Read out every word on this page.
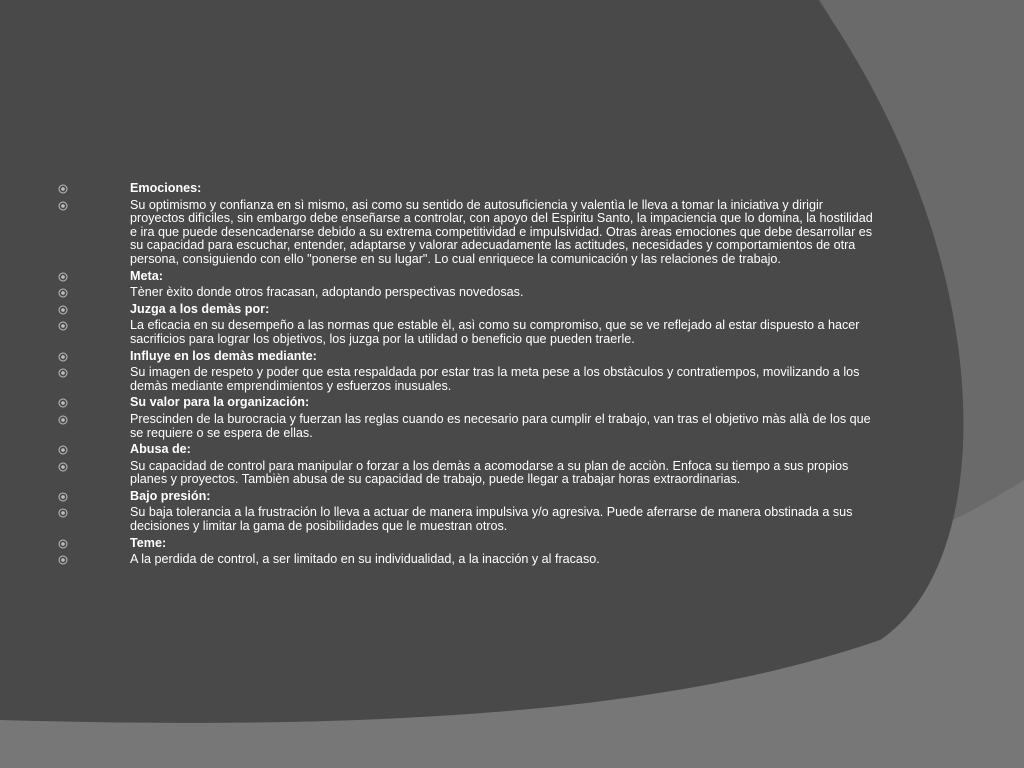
Emociones:
Su optimismo y confianza en sì mismo, asi como su sentido de autosuficiencia y valentìa le lleva a tomar la iniciativa y dirigir proyectos difìciles, sin embargo debe enseñarse a controlar, con apoyo del Espiritu Santo, la impaciencia que lo domina, la hostilidad e ira que puede desencadenarse debido a su extrema competitividad e impulsividad. Otras àreas emociones que debe desarrollar es su capacidad para escuchar, entender, adaptarse y valorar adecuadamente las actitudes, necesidades y comportamientos de otra persona, consiguiendo con ello "ponerse en su lugar". Lo cual enriquece la comunicación y las relaciones de trabajo.
Meta:
Tèner èxito donde otros fracasan, adoptando perspectivas novedosas.
Juzga a los demàs por:
La eficacia en su desempeño a las normas que estable èl, asì como su compromiso, que se ve reflejado al estar dispuesto a hacer sacrificios para lograr los objetivos, los juzga por la utilidad o beneficio que pueden traerle.
Influye en los demàs mediante:
Su imagen de respeto y poder que esta respaldada por estar tras la meta pese a los obstàculos y contratiempos, movilizando a los demàs mediante emprendimientos y esfuerzos inusuales.
Su valor para la organización:
Prescinden de la burocracia y fuerzan las reglas cuando es necesario para cumplir el trabajo, van tras el objetivo màs allà de los que se requiere o se espera de ellas.
Abusa de:
Su capacidad de control para manipular o forzar a los demàs a acomodarse a su plan de acciòn. Enfoca su tiempo a sus propios planes y proyectos. Tambièn abusa de su capacidad de trabajo, puede llegar a trabajar horas extraordinarias.
Bajo presión:
Su baja tolerancia a la frustración lo lleva a actuar de manera impulsiva y/o agresiva. Puede aferrarse de manera obstinada a sus decisiones y limitar la gama de posibilidades que le muestran otros.
Teme:
A la perdida de control, a ser limitado en su individualidad, a la inacción y al fracaso.
